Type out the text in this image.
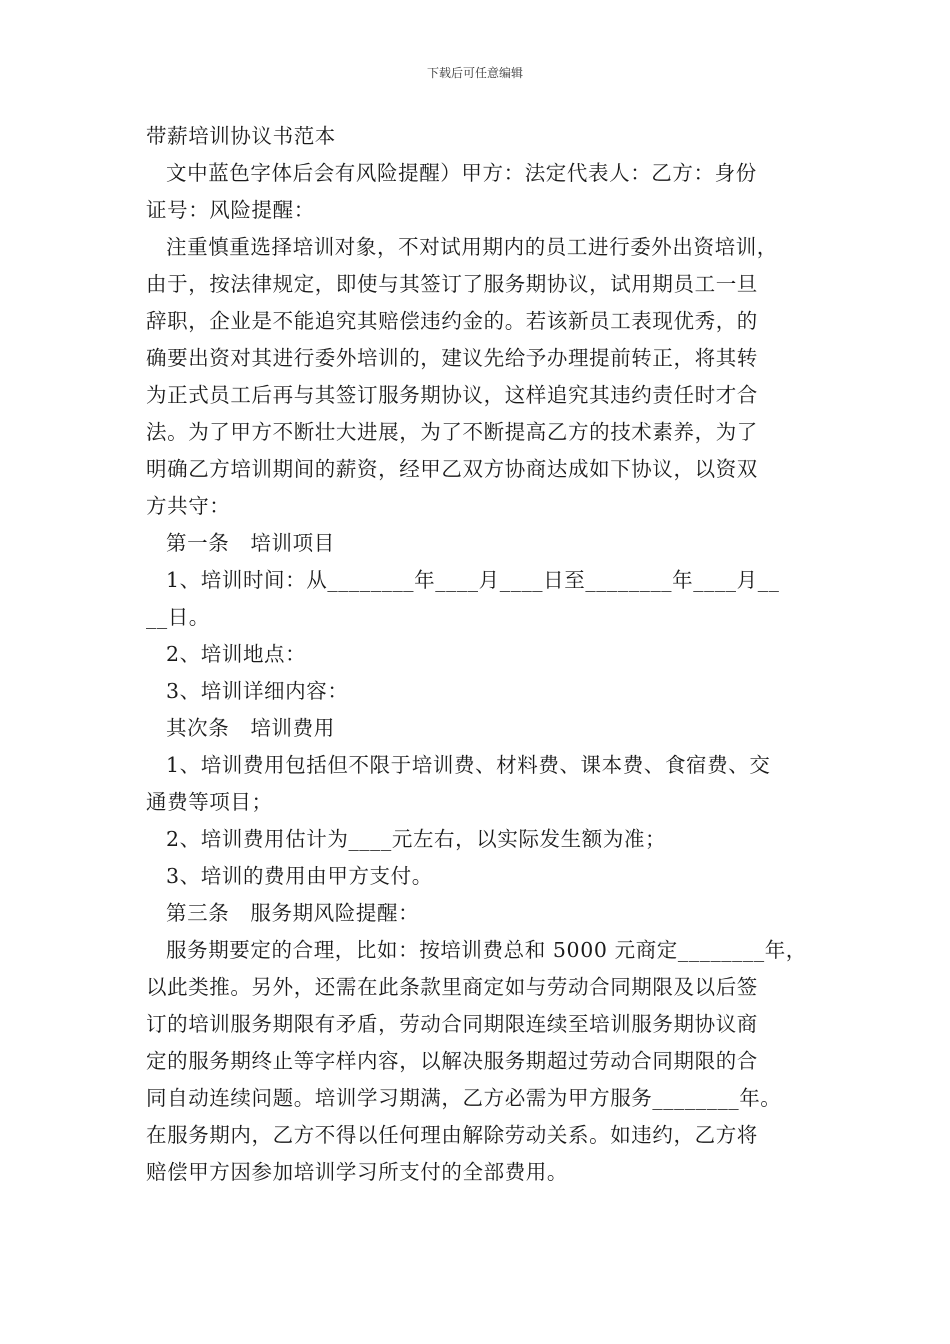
下载后可任意编辑

带薪培训协议书范本

文中蓝色字体后会有风险提醒）甲方：法定代表人：乙方：身份

证号：风险提醒：

注重慎重选择培训对象，不对试用期内的员工进行委外出资培训，

由于，按法律规定，即使与其签订了服务期协议，试用期员工一旦

辞职，企业是不能追究其赔偿违约金的。若该新员工表现优秀，的

确要出资对其进行委外培训的，建议先给予办理提前转正，将其转

为正式员工后再与其签订服务期协议，这样追究其违约责任时才合

法。为了甲方不断壮大进展，为了不断提高乙方的技术素养，为了

明确乙方培训期间的薪资，经甲乙双方协商达成如下协议，以资双

方共守：

第一条　培训项目

1、培训时间：从________年____月____日至________年____月__

__日。

2、培训地点：

3、培训详细内容：

其次条　培训费用

1、培训费用包括但不限于培训费、材料费、课本费、食宿费、交

通费等项目；

2、培训费用估计为____元左右，以实际发生额为准；

3、培训的费用由甲方支付。

第三条　服务期风险提醒：

服务期要定的合理，比如：按培训费总和 5000 元商定________年，

以此类推。另外，还需在此条款里商定如与劳动合同期限及以后签

订的培训服务期限有矛盾，劳动合同期限连续至培训服务期协议商

定的服务期终止等字样内容，以解决服务期超过劳动合同期限的合

同自动连续问题。培训学习期满，乙方必需为甲方服务________年。

在服务期内，乙方不得以任何理由解除劳动关系。如违约，乙方将

赔偿甲方因参加培训学习所支付的全部费用。
